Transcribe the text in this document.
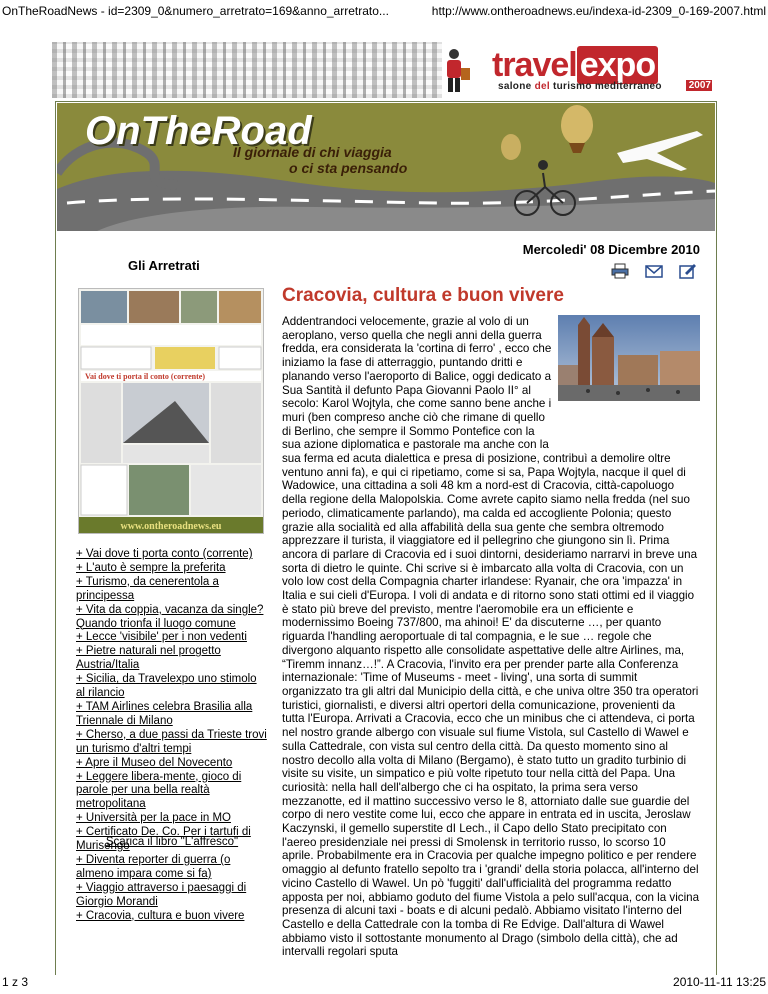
OnTheRoadNews - id=2309_0&numero_arretrato=169&anno_arretrato...	http://www.ontheroadnews.eu/indexa-id-2309_0-169-2007.html
travelexpo
salone del turismo mediterraneo	2007
OnTheRoad
Il giornale di chi viaggia
o ci sta pensando
Mercoledi' 08 Dicembre 2010
Gli Arretrati
Vai dove ti porta il conto (corrente)
www.ontheroadnews.eu
+ Vai dove ti porta conto (corrente)
+ L'auto è sempre la preferita
+ Turismo, da cenerentola a principessa
+ Vita da coppia, vacanza da single?
Quando trionfa il luogo comune
+ Lecce 'visibile' per i non vedenti
+ Pietre naturali nel progetto Austria/Italia
+ Sicilia, da Travelexpo uno stimolo al rilancio
+ TAM Airlines celebra Brasilia alla Triennale di Milano
+ Cherso, a due passi da Trieste trovi un turismo d'altri tempi
+ Apre il Museo del Novecento
+ Leggere libera-mente, gioco di parole per una bella realtà metropolitana
+ Università per la pace in MO
+ Certificato De. Co. Per i tartufi di Murisengo
+ Diventa reporter di guerra (o almeno impara come si fa)
+ Viaggio attraverso i paesaggi di Giorgio Morandi
+ Cracovia, cultura e buon vivere
Scarica il libro "L'affresco"
Cracovia, cultura e buon vivere
Addentrandoci velocemente, grazie al volo di un aeroplano, verso quella che negli anni della guerra fredda, era considerata la 'cortina di ferro' , ecco che iniziamo la fase di atterraggio, puntando dritti e planando verso l'aeroporto di Balice, oggi dedicato a Sua Santità il defunto Papa Giovanni Paolo II° al secolo: Karol Wojtyla, che come sanno bene anche i muri (ben compreso anche ciò che rimane di quello di Berlino, che sempre il Sommo Pontefice con la sua azione diplomatica e pastorale ma anche con la sua ferma ed acuta dialettica e presa di posizione, contribuì a demolire oltre ventuno anni fa), e qui ci ripetiamo, come si sa, Papa Wojtyla, nacque il quel di Wadowice, una cittadina a soli 48 km a nord-est di Cracovia, città-capoluogo della regione della Malopolskia. Come avrete capito siamo nella fredda (nel suo periodo, climaticamente parlando), ma calda ed accogliente Polonia; questo grazie alla socialità ed alla affabilità della sua gente che sembra oltremodo apprezzare il turista, il viaggiatore ed il pellegrino che giungono sin lì. Prima ancora di parlare di Cracovia ed i suoi dintorni, desideriamo narrarvi in breve una sorta di dietro le quinte. Chi scrive si è imbarcato alla volta di Cracovia, con un volo low cost della Compagnia charter irlandese: Ryanair, che ora 'impazza' in Italia e sui cieli d'Europa. I voli di andata e di ritorno sono stati ottimi ed il viaggio è stato più breve del previsto, mentre l'aeromobile era un efficiente e modernissimo Boeing 737/800, ma ahinoi! E' da discuterne …, per quanto riguarda l'handling aeroportuale di tal compagnia, e le sue … regole che divergono alquanto rispetto alle consolidate aspettative delle altre Airlines, ma, “Tiremm innanz…!”. A Cracovia, l'invito era per prender parte alla Conferenza internazionale: 'Time of Museums - meet - living', una sorta di summit organizzato tra gli altri dal Municipio della città, e che univa oltre 350 tra operatori turistici, giornalisti, e diversi altri opertori della comunicazione, provenienti da tutta l'Europa. Arrivati a Cracovia, ecco che un minibus che ci attendeva, ci porta nel nostro grande albergo con visuale sul fiume Vistola, sul Castello di Wawel e sulla Cattedrale, con vista sul centro della città. Da questo momento sino al nostro decollo alla volta di Milano (Bergamo), è stato tutto un gradito turbinio di visite su visite, un simpatico e più volte ripetuto tour nella città del Papa. Una curiosità: nella hall dell'albergo che ci ha ospitato, la prima sera verso mezzanotte, ed il mattino successivo verso le 8, attorniato dalle sue guardie del corpo di nero vestite come lui, ecco che appare in entrata ed in uscita, Jeroslaw Kaczynski, il gemello superstite dI Lech., il Capo dello Stato precipitato con l'aereo presidenziale nei pressi di Smolensk in territorio russo, lo scorso 10 aprile. Probabilmente era in Cracovia per qualche impegno politico e per rendere omaggio al defunto fratello sepolto tra i 'grandi' della storia polacca, all'interno del vicino Castello di Wawel. Un pò 'fuggiti' dall'ufficialità del programma redatto apposta per noi, abbiamo goduto del fiume Vistola a pelo sull'acqua, con la vicina presenza di alcuni taxi - boats e di alcuni pedalò. Abbiamo visitato l'interno del Castello e della Cattedrale con la tomba di Re Edvige. Dall'altura di Wawel abbiamo visto il sottostante monumento al Drago (simbolo della città), che ad intervalli regolari sputa
1 z 3	2010-11-11 13:25
